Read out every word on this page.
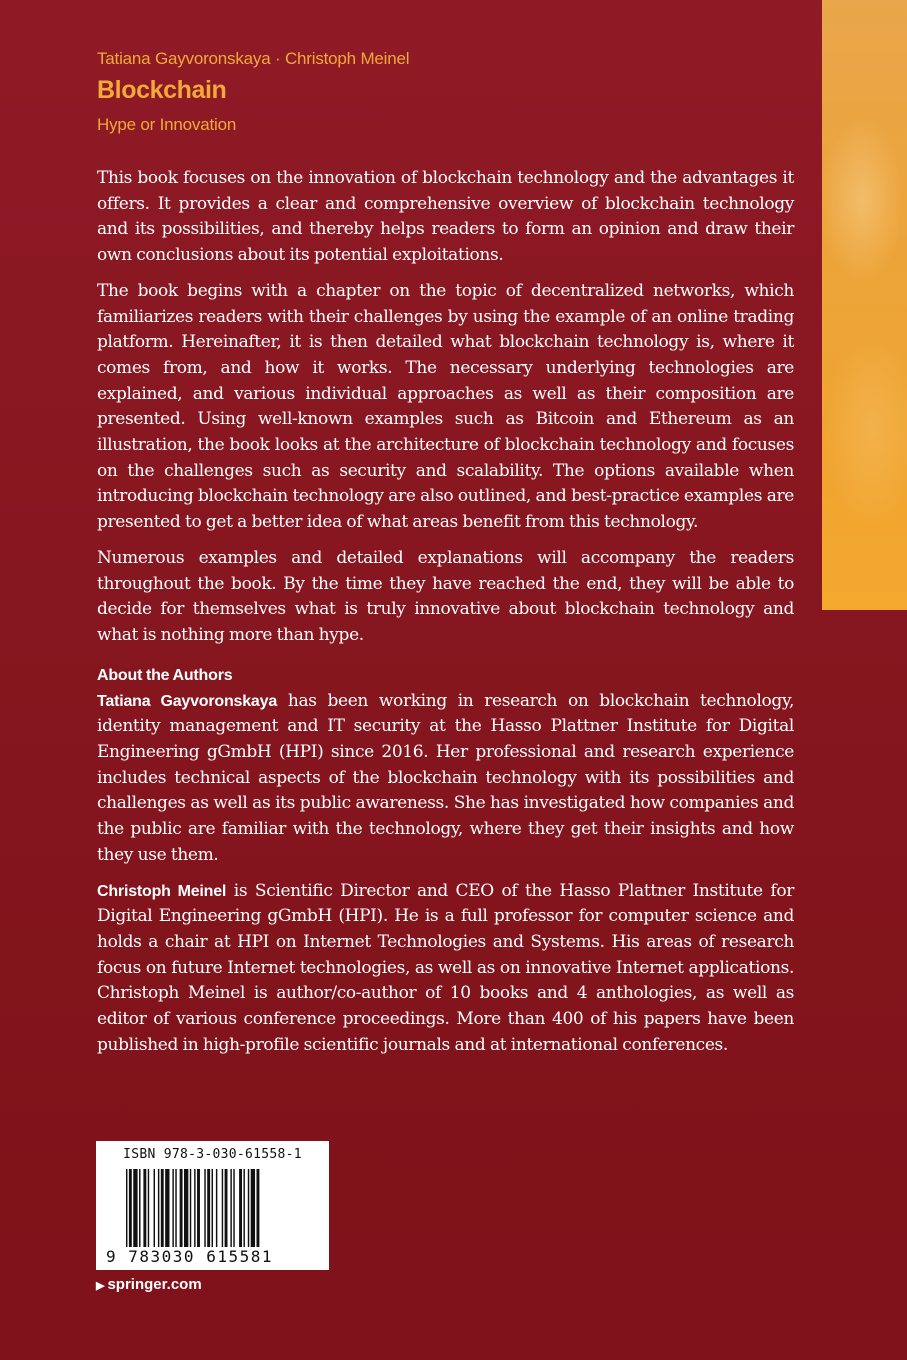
Tatiana Gayvoronskaya · Christoph Meinel
Blockchain
Hype or Innovation

This book focuses on the innovation of blockchain technology and the advantages it offers. It provides a clear and comprehensive overview of blockchain technology and its possibilities, and thereby helps readers to form an opinion and draw their own conclusions about its potential exploitations.

The book begins with a chapter on the topic of decentralized networks, which familiarizes readers with their challenges by using the example of an online trading platform. Hereinafter, it is then detailed what blockchain technology is, where it comes from, and how it works. The necessary underlying technologies are explained, and various individual approaches as well as their composition are presented. Using well-known examples such as Bitcoin and Ethereum as an illustration, the book looks at the architecture of blockchain technology and focuses on the challenges such as security and scalability. The options available when introducing blockchain technology are also outlined, and best-practice examples are presented to get a better idea of what areas benefit from this technology.

Numerous examples and detailed explanations will accompany the readers throughout the book. By the time they have reached the end, they will be able to decide for themselves what is truly innovative about blockchain technology and what is nothing more than hype.

About the Authors

Tatiana Gayvoronskaya has been working in research on blockchain technology, identity management and IT security at the Hasso Plattner Institute for Digital Engineering gGmbH (HPI) since 2016. Her professional and research experience includes technical aspects of the blockchain technology with its possibilities and challenges as well as its public awareness. She has investigated how companies and the public are familiar with the technology, where they get their insights and how they use them.

Christoph Meinel is Scientific Director and CEO of the Hasso Plattner Institute for Digital Engineering gGmbH (HPI). He is a full professor for computer science and holds a chair at HPI on Internet Technologies and Systems. His areas of research focus on future Internet technologies, as well as on innovative Internet applications. Christoph Meinel is author/co-author of 10 books and 4 anthologies, as well as editor of various conference proceedings. More than 400 of his papers have been published in high-profile scientific journals and at international conferences.

ISBN 978-3-030-61558-1
9 783030 615581
▶ springer.com
